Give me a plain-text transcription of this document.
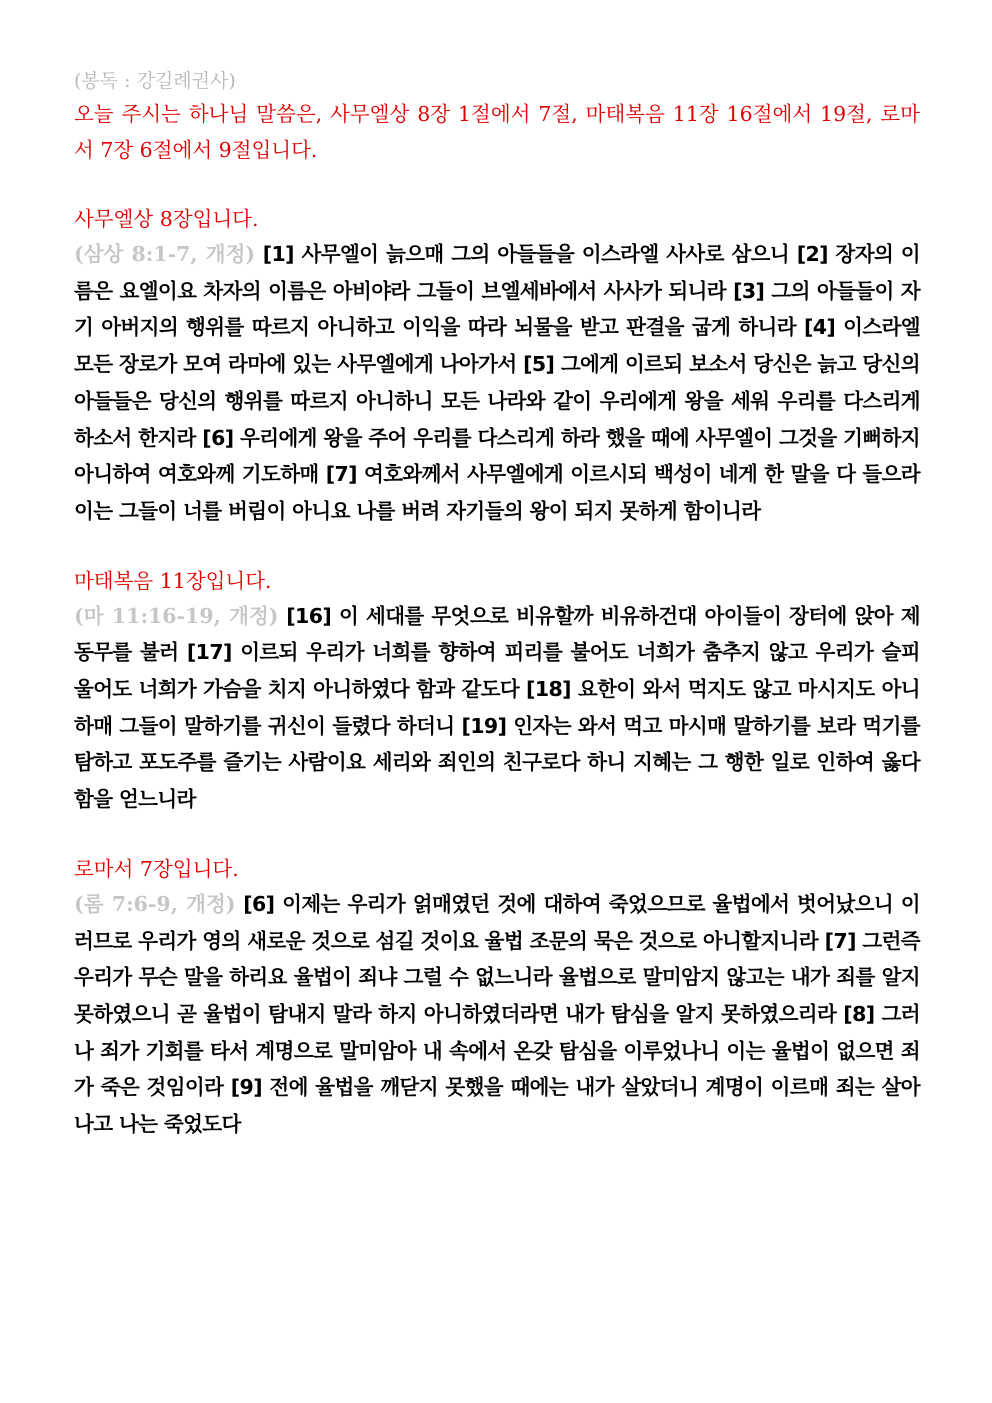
(봉독 : 강길례권사)

오늘 주시는 하나님 말씀은, 사무엘상 8장 1절에서 7절, 마태복음 11장 16절에서 19절, 로마서 7장 6절에서 9절입니다.

사무엘상 8장입니다.

(삼상 8:1-7, 개정) [1] 사무엘이 늙으매 그의 아들들을 이스라엘 사사로 삼으니 [2] 장자의 이름은 요엘이요 차자의 이름은 아비야라 그들이 브엘세바에서 사사가 되니라 [3] 그의 아들들이 자기 아버지의 행위를 따르지 아니하고 이익을 따라 뇌물을 받고 판결을 굽게 하니라 [4] 이스라엘 모든 장로가 모여 라마에 있는 사무엘에게 나아가서 [5] 그에게 이르되 보소서 당신은 늙고 당신의 아들들은 당신의 행위를 따르지 아니하니 모든 나라와 같이 우리에게 왕을 세워 우리를 다스리게 하소서 한지라 [6] 우리에게 왕을 주어 우리를 다스리게 하라 했을 때에 사무엘이 그것을 기뻐하지 아니하여 여호와께 기도하매 [7] 여호와께서 사무엘에게 이르시되 백성이 네게 한 말을 다 들으라 이는 그들이 너를 버림이 아니요 나를 버려 자기들의 왕이 되지 못하게 함이니라

마태복음 11장입니다.

(마 11:16-19, 개정) [16] 이 세대를 무엇으로 비유할까 비유하건대 아이들이 장터에 앉아 제 동무를 불러 [17] 이르되 우리가 너희를 향하여 피리를 불어도 너희가 춤추지 않고 우리가 슬피 울어도 너희가 가슴을 치지 아니하였다 함과 같도다 [18] 요한이 와서 먹지도 않고 마시지도 아니하매 그들이 말하기를 귀신이 들렸다 하더니 [19] 인자는 와서 먹고 마시매 말하기를 보라 먹기를 탐하고 포도주를 즐기는 사람이요 세리와 죄인의 친구로다 하니 지혜는 그 행한 일로 인하여 옳다 함을 얻느니라

로마서 7장입니다.

(롬 7:6-9, 개정) [6] 이제는 우리가 얽매였던 것에 대하여 죽었으므로 율법에서 벗어났으니 이러므로 우리가 영의 새로운 것으로 섬길 것이요 율법 조문의 묵은 것으로 아니할지니라 [7] 그런즉 우리가 무슨 말을 하리요 율법이 죄냐 그럴 수 없느니라 율법으로 말미암지 않고는 내가 죄를 알지 못하였으니 곧 율법이 탐내지 말라 하지 아니하였더라면 내가 탐심을 알지 못하였으리라 [8] 그러나 죄가 기회를 타서 계명으로 말미암아 내 속에서 온갖 탐심을 이루었나니 이는 율법이 없으면 죄가 죽은 것임이라 [9] 전에 율법을 깨닫지 못했을 때에는 내가 살았더니 계명이 이르매 죄는 살아나고 나는 죽었도다
